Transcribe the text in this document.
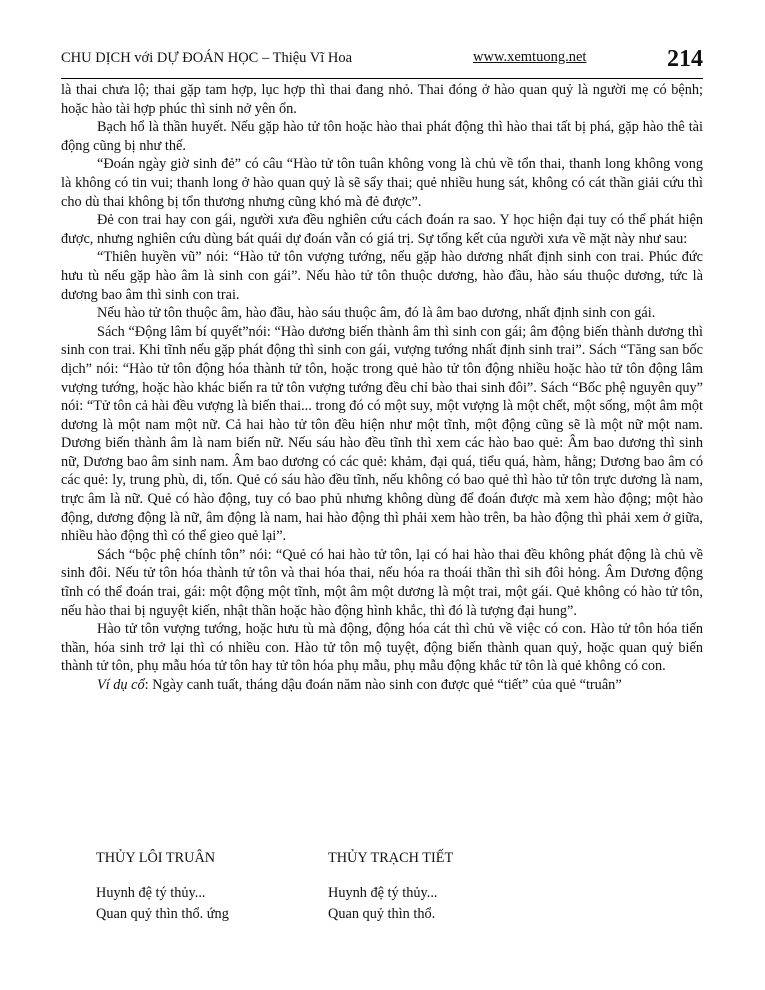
CHU DỊCH với DỰ ĐOÁN HỌC – Thiệu Vĩ Hoa	www.xemtuong.net	214

là thai chưa lộ; thai gặp tam hợp, lục hợp thì thai đang nhỏ. Thai đóng ở hào quan quỷ là người mẹ có bệnh; hoặc hào tài hợp phúc thì sinh nở yên ổn.

Bạch hổ là thần huyết. Nếu gặp hào tử tôn hoặc hào thai phát động thì hào thai tất bị phá, gặp hào thê tài động cũng bị như thế.

“Đoán ngày giờ sinh đẻ” có câu “Hào tử tôn tuân không vong là chủ về tổn thai, thanh long không vong là không có tin vui; thanh long ở hào quan quỷ là sẽ sẩy thai; quẻ nhiều hung sát, không có cát thần giải cứu thì cho dù thai không bị tổn thương nhưng cũng khó mà đẻ được”.

Đẻ con trai hay con gái, người xưa đều nghiên cứu cách đoán ra sao. Y học hiện đại tuy có thể phát hiện được, nhưng nghiên cứu dùng bát quái dự đoán vẫn có giá trị. Sự tổng kết của người xưa về mặt này như sau:

“Thiên huyền vũ” nói: “Hào tử tôn vượng tướng, nếu gặp hào dương nhất định sinh con trai. Phúc đức hưu tù nếu gặp hào âm là sinh con gái”. Nếu hào tử tôn thuộc dương, hào đầu, hào sáu thuộc dương, tức là dương bao âm thì sinh con trai.

Nếu hào tử tôn thuộc âm, hào đầu, hào sáu thuộc âm, đó là âm bao dương, nhất định sinh con gái.

Sách “Động lâm bí quyết”nói: “Hào dương biến thành âm thì sinh con gái; âm động biến thành dương thì sinh con trai. Khi tĩnh nếu gặp phát động thì sinh con gái, vượng tướng nhất định sinh trai”. Sách “Tăng san bốc dịch” nói: “Hào tử tôn động hóa thành tử tôn, hoặc trong quẻ hào tử tôn động nhiều hoặc hào tử tôn động lâm vượng tướng, hoặc hào khác biến ra tử tôn vượng tướng đều chỉ bào thai sinh đôi”. Sách “Bốc phệ nguyên quy” nói: “Tử tôn cả hài đều vượng là biến thai... trong đó có một suy, một vượng là một chết, một sống, một âm một dương là một nam một nữ. Cả hai hào tử tôn đều hiện như một tĩnh, một động cũng sẽ là một nữ một nam. Dương biến thành âm là nam biến nữ. Nếu sáu hào đều tĩnh thì xem các hào bao quẻ: Âm bao dương thì sinh nữ, Dương bao âm sinh nam. Âm bao dương có các quẻ: khảm, đại quá, tiểu quá, hàm, hằng; Dương bao âm có các quẻ: ly, trung phù, di, tốn. Quẻ có sáu hào đều tĩnh, nếu không có bao quẻ thì hào tử tôn trực dương là nam, trực âm là nữ. Quẻ có hào động, tuy có bao phủ nhưng không dùng để đoán được mà xem hào động; một hào động, dương động là nữ, âm động là nam, hai hào động thì phải xem hào trên, ba hào động thì phải xem ở giữa, nhiều hào động thì có thể gieo quẻ lại”.

Sách “bộc phệ chính tôn” nói: “Quẻ có hai hào tử tôn, lại có hai hào thai đều không phát động là chủ về sinh đôi. Nếu tử tôn hóa thành tử tôn và thai hóa thai, nếu hóa ra thoái thần thì sih đôi hỏng. Âm Dương động tĩnh có thể đoán trai, gái: một động một tĩnh, một âm một dương là một trai, một gái. Quẻ không có hào tử tôn, nếu hào thai bị nguyệt kiến, nhật thần hoặc hào động hình khắc, thì đó là tượng đại hung”.

Hào tử tôn vượng tướng, hoặc hưu tù mà động, động hóa cát thì chủ về việc có con. Hào tử tôn hóa tiến thần, hóa sinh trở lại thì có nhiều con. Hào tử tôn mộ tuyệt, động biến thành quan quỷ, hoặc quan quỷ biến thành tử tôn, phụ mẫu hóa tử tôn hay tử tôn hóa phụ mẫu, phụ mẫu động khắc tử tôn là quẻ không có con.

Ví dụ cổ: Ngày canh tuất, tháng dậu đoán năm nào sinh con được quẻ “tiết” của quẻ “truân”

THỦY LÔI TRUÂN	THỦY TRẠCH TIẾT
Huynh đệ tý thủy...	Huynh đệ tý thủy...
Quan quỷ thìn thổ. ứng	Quan quỷ thìn thổ.
